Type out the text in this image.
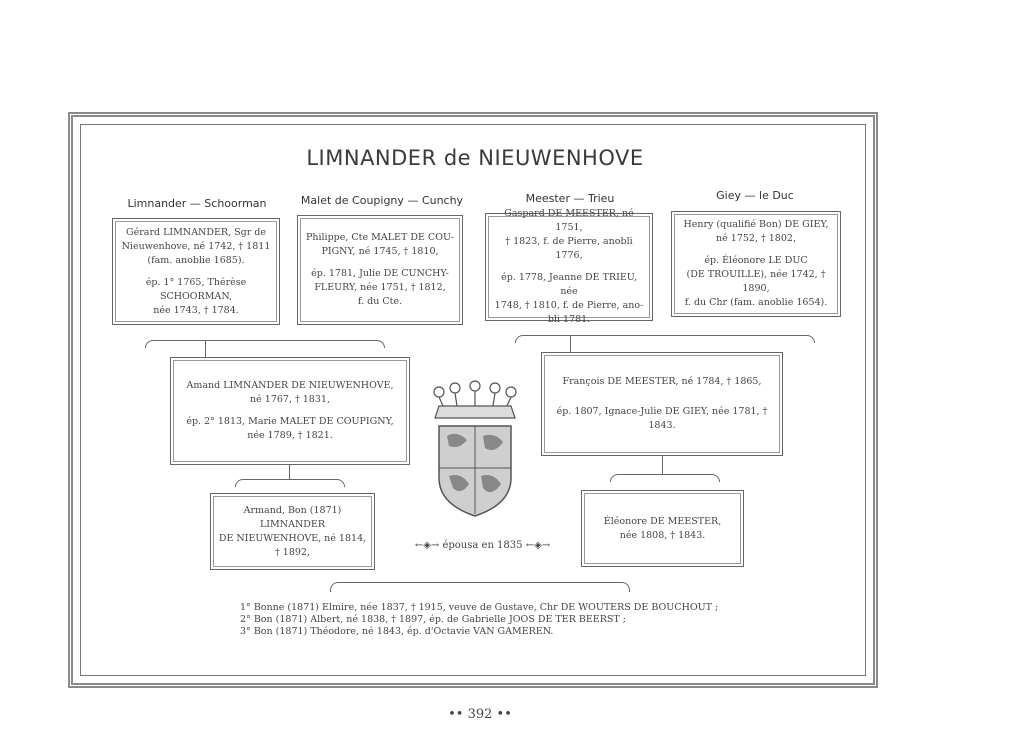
LIMNANDER de NIEUWENHOVE
Limnander — Schoorman	Malet de Coupigny — Cunchy	Meester — Trieu	Giey — le Duc

Gérard LIMNANDER, Sgr de

Nieuwenhove, né 1742, † 1811

(fam. anoblie 1685).

ép. 1° 1765, Thérèse SCHOORMAN,

née 1743, † 1784.

Philippe, Cte MALET DE COU-

PIGNY, né 1745, † 1810,

ép. 1781, Julie DE CUNCHY-

FLEURY, née 1751, † 1812,

f. du Cte.

Gaspard DE MEESTER, né 1751,

† 1823, f. de Pierre, anobli 1776,

ép. 1778, Jeanne DE TRIEU, née

1748, † 1810, f. de Pierre, ano-

bli 1781.

Henry (qualifié Bon) DE GIEY,

né 1752, † 1802,

ép. Éléonore LE DUC

(DE TROUILLE), née 1742, † 1890,

f. du Chr (fam. anoblie 1654).

Amand LIMNANDER DE NIEUWENHOVE,

né 1767, † 1831,

ép. 2° 1813, Marie MALET DE COUPIGNY,

née 1789, † 1821.

François DE MEESTER, né 1784, † 1865,

ép. 1807, Ignace-Julie DE GIEY, née 1781, † 1843.

Armand, Bon (1871) LIMNANDER

DE NIEUWENHOVE, né 1814,

† 1892,

Éléonore DE MEESTER,

née 1808, † 1843.

←◈→ épousa en 1835 ←◈→

1° Bonne (1871) Elmire, née 1837, † 1915, veuve de Gustave, Chr DE WOUTERS DE BOUCHOUT ;

2° Bon (1871) Albert, né 1838, † 1897, ép. de Gabrielle JOOS DE TER BEERST ;

3° Bon (1871) Théodore, né 1843, ép. d'Octavie VAN GAMEREN.

•• 392 ••
